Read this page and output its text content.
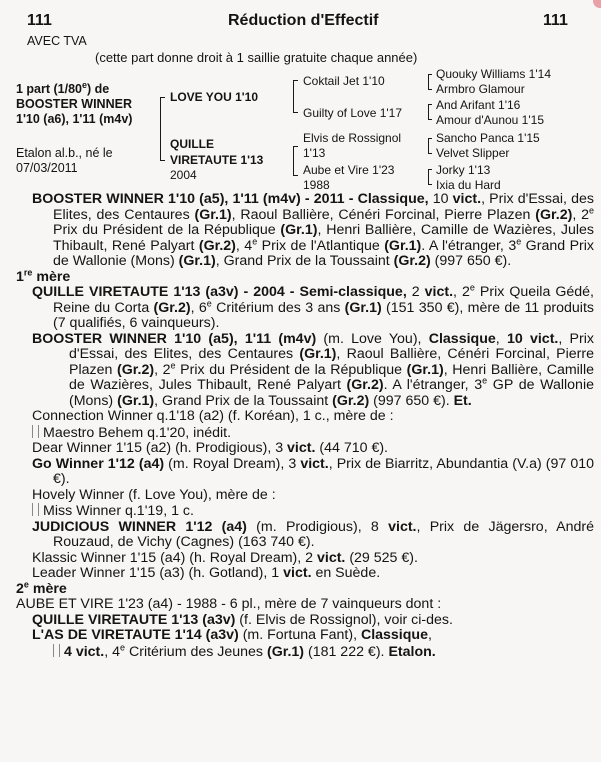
111	Réduction d'Effectif	111
AVEC TVA
(cette part donne droit à 1 saillie gratuite chaque année)
1 part (1/80e) de
BOOSTER WINNER
1'10 (a6), 1'11 (m4v)
Etalon al.b., né le
07/03/2011
LOVE YOU 1'10
QUILLE
VIRETAUTE 1'13
2004
Coktail Jet 1'10
Guilty of Love 1'17
Elvis de Rossignol
1'13
Aube et Vire 1'23
1988
Quouky Williams 1'14
Armbro Glamour
And Arifant 1'16
Amour d'Aunou 1'15
Sancho Panca 1'15
Velvet Slipper
Jorky 1'13
Ixia du Hard

BOOSTER WINNER 1'10 (a5), 1'11 (m4v) - 2011 - Classique, 10 vict., Prix d'Essai, des Elites, des Centaures (Gr.1), Raoul Ballière, Cénéri Forcinal, Pierre Plazen (Gr.2), 2e Prix du Président de la République (Gr.1), Henri Ballière, Camille de Wazières, Jules Thibault, René Palyart (Gr.2), 4e Prix de l'Atlantique (Gr.1). A l'étranger, 3e Grand Prix de Wallonie (Mons) (Gr.1), Grand Prix de la Toussaint (Gr.2) (997 650 €).

1re mère

QUILLE VIRETAUTE 1'13 (a3v) - 2004 - Semi-classique, 2 vict., 2e Prix Queila Gédé, Reine du Corta (Gr.2), 6e Critérium des 3 ans (Gr.1) (151 350 €), mère de 11 produits (7 qualifiés, 6 vainqueurs).

BOOSTER WINNER 1'10 (a5), 1'11 (m4v) (m. Love You), Classique, 10 vict., Prix d'Essai, des Elites, des Centaures (Gr.1), Raoul Ballière, Cénéri Forcinal, Pierre Plazen (Gr.2), 2e Prix du Président de la République (Gr.1), Henri Ballière, Camille de Wazières, Jules Thibault, René Palyart (Gr.2). A l'étranger, 3e GP de Wallonie (Mons) (Gr.1), Grand Prix de la Toussaint (Gr.2) (997 650 €). Et.

Connection Winner q.1'18 (a2) (f. Koréan), 1 c., mère de :

Maestro Behem q.1'20, inédit.

Dear Winner 1'15 (a2) (h. Prodigious), 3 vict. (44 710 €).

Go Winner 1'12 (a4) (m. Royal Dream), 3 vict., Prix de Biarritz, Abundantia (V.a) (97 010 €).

Hovely Winner (f. Love You), mère de :

Miss Winner q.1'19, 1 c.

JUDICIOUS WINNER 1'12 (a4) (m. Prodigious), 8 vict., Prix de Jägersro, André Rouzaud, de Vichy (Cagnes) (163 740 €).

Klassic Winner 1'15 (a4) (h. Royal Dream), 2 vict. (29 525 €).

Leader Winner 1'15 (a3) (h. Gotland), 1 vict. en Suède.

2e mère

AUBE ET VIRE 1'23 (a4) - 1988 - 6 pl., mère de 7 vainqueurs dont :

QUILLE VIRETAUTE 1'13 (a3v) (f. Elvis de Rossignol), voir ci-des.

L'AS DE VIRETAUTE 1'14 (a3v) (m. Fortuna Fant), Classique,
4 vict., 4e Critérium des Jeunes (Gr.1) (181 222 €). Etalon.
